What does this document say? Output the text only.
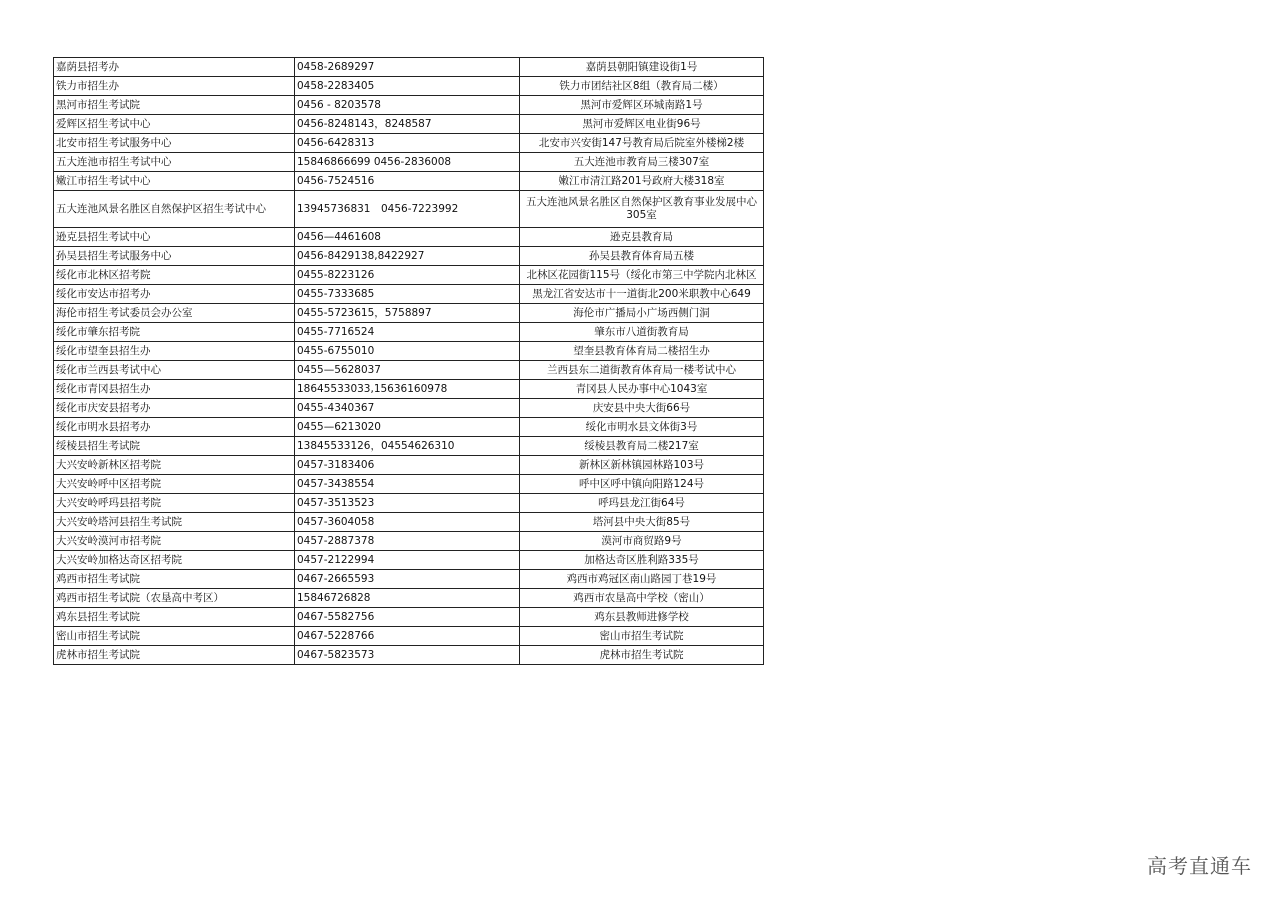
嘉荫县招考办	0458-2689297	嘉荫县朝阳镇建设街1号
铁力市招生办	0458-2283405	铁力市团结社区8组（教育局二楼）
黑河市招生考试院	0456 - 8203578	黑河市爱辉区环城南路1号
爱辉区招生考试中心	0456-8248143，8248587	黑河市爱辉区电业街96号
北安市招生考试服务中心	0456-6428313	北安市兴安街147号教育局后院室外楼梯2楼
五大连池市招生考试中心	15846866699 0456-2836008	五大连池市教育局三楼307室
嫩江市招生考试中心	0456-7524516	嫩江市清江路201号政府大楼318室
五大连池风景名胜区自然保护区招生考试中心	13945736831　0456-7223992	五大连池风景名胜区自然保护区教育事业发展中心305室
逊克县招生考试中心	0456—4461608	逊克县教育局
孙吴县招生考试服务中心	0456-8429138,8422927	孙吴县教育体育局五楼
绥化市北林区招考院	0455-8223126	北林区花园街115号（绥化市第三中学院内北林区
绥化市安达市招考办	0455-7333685	黑龙江省安达市十一道街北200米职教中心649
海伦市招生考试委员会办公室	0455-5723615，5758897	海伦市广播局小广场西侧门洞
绥化市肇东招考院	0455-7716524	肇东市八道街教育局
绥化市望奎县招生办	0455-6755010	望奎县教育体育局二楼招生办
绥化市兰西县考试中心	0455—5628037	兰西县东二道街教育体育局一楼考试中心
绥化市青冈县招生办	18645533033,15636160978	青冈县人民办事中心1043室
绥化市庆安县招考办	0455-4340367	庆安县中央大街66号
绥化市明水县招考办	0455—6213020	绥化市明水县文体街3号
绥棱县招生考试院	13845533126，04554626310	绥棱县教育局二楼217室
大兴安岭新林区招考院	0457-3183406	新林区新林镇园林路103号
大兴安岭呼中区招考院	0457-3438554	呼中区呼中镇向阳路124号
大兴安岭呼玛县招考院	0457-3513523	呼玛县龙江街64号
大兴安岭塔河县招生考试院	0457-3604058	塔河县中央大街85号
大兴安岭漠河市招考院	0457-2887378	漠河市商贸路9号
大兴安岭加格达奇区招考院	0457-2122994	加格达奇区胜利路335号
鸡西市招生考试院	0467-2665593	鸡西市鸡冠区南山路园丁巷19号
鸡西市招生考试院（农垦高中考区）	15846726828	鸡西市农垦高中学校（密山）
鸡东县招生考试院	0467-5582756	鸡东县教师进修学校
密山市招生考试院	0467-5228766	密山市招生考试院
虎林市招生考试院	0467-5823573	虎林市招生考试院
高考直通车
